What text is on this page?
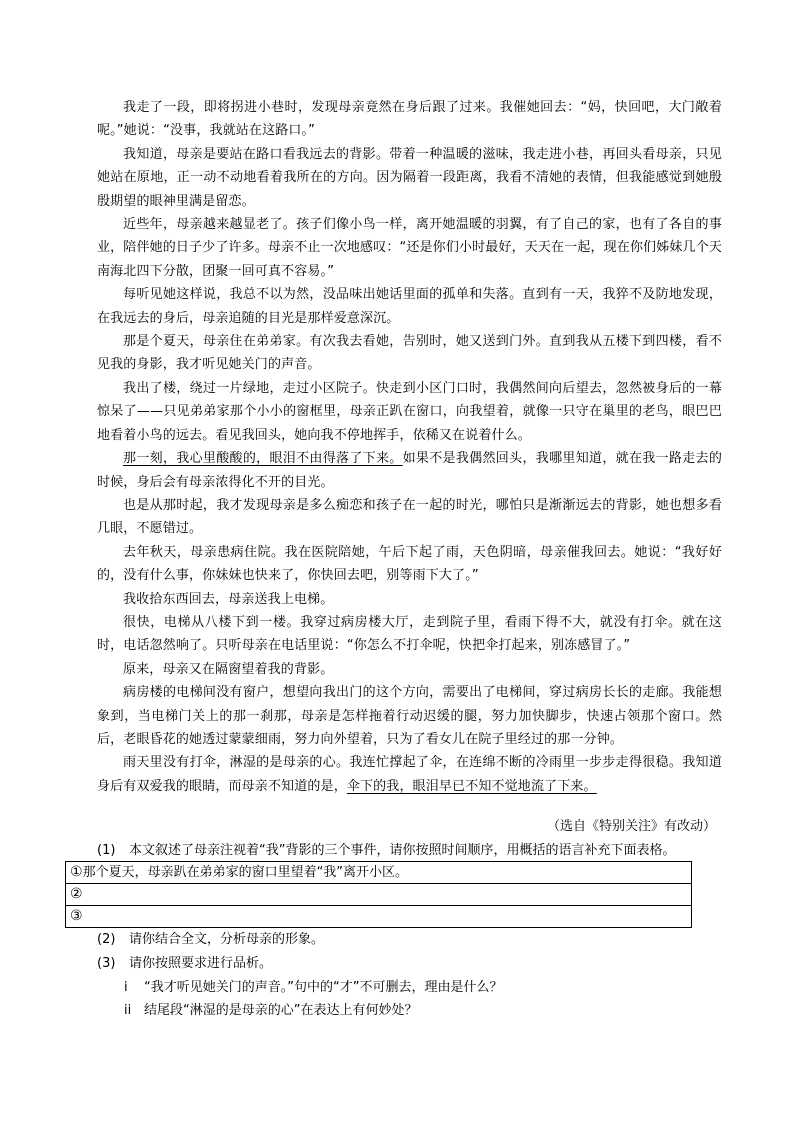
我走了一段，即将拐进小巷时，发现母亲竟然在身后跟了过来。我催她回去：“妈，快回吧，大门敞着呢。”她说：“没事，我就站在这路口。”

我知道，母亲是要站在路口看我远去的背影。带着一种温暖的滋味，我走进小巷，再回头看母亲，只见她站在原地，正一动不动地看着我所在的方向。因为隔着一段距离，我看不清她的表情，但我能感觉到她殷殷期望的眼神里满是留恋。

近些年，母亲越来越显老了。孩子们像小鸟一样，离开她温暖的羽翼，有了自己的家，也有了各自的事业，陪伴她的日子少了许多。母亲不止一次地感叹：“还是你们小时最好，天天在一起，现在你们姊妹几个天南海北四下分散，团聚一回可真不容易。”

每听见她这样说，我总不以为然，没品味出她话里面的孤单和失落。直到有一天，我猝不及防地发现，在我远去的身后，母亲追随的目光是那样爱意深沉。

那是个夏天，母亲住在弟弟家。有次我去看她，告别时，她又送到门外。直到我从五楼下到四楼，看不见我的身影，我才听见她关门的声音。

我出了楼，绕过一片绿地，走过小区院子。快走到小区门口时，我偶然间向后望去，忽然被身后的一幕惊呆了——只见弟弟家那个小小的窗框里，母亲正趴在窗口，向我望着，就像一只守在巢里的老鸟，眼巴巴地看着小鸟的远去。看见我回头，她向我不停地挥手，依稀又在说着什么。

那一刻，我心里酸酸的，眼泪不由得落了下来。如果不是我偶然回头，我哪里知道，就在我一路走去的时候，身后会有母亲浓得化不开的目光。

也是从那时起，我才发现母亲是多么痴恋和孩子在一起的时光，哪怕只是渐渐远去的背影，她也想多看几眼，不愿错过。

去年秋天，母亲患病住院。我在医院陪她，午后下起了雨，天色阴暗，母亲催我回去。她说：“我好好的，没有什么事，你妹妹也快来了，你快回去吧，别等雨下大了。”

我收拾东西回去，母亲送我上电梯。

很快，电梯从八楼下到一楼。我穿过病房楼大厅，走到院子里，看雨下得不大，就没有打伞。就在这时，电话忽然响了。只听母亲在电话里说：“你怎么不打伞呢，快把伞打起来，别冻感冒了。”

原来，母亲又在隔窗望着我的背影。

病房楼的电梯间没有窗户，想望向我出门的这个方向，需要出了电梯间，穿过病房长长的走廊。我能想象到，当电梯门关上的那一刹那，母亲是怎样拖着行动迟缓的腿，努力加快脚步，快速占领那个窗口。然后，老眼昏花的她透过蒙蒙细雨，努力向外望着，只为了看女儿在院子里经过的那一分钟。

雨天里没有打伞，淋湿的是母亲的心。我连忙撑起了伞，在连绵不断的冷雨里一步步走得很稳。我知道身后有双爱我的眼睛，而母亲不知道的是，伞下的我，眼泪早已不知不觉地流了下来。

（选自《特别关注》有改动）
(1) 本文叙述了母亲注视着“我”背影的三个事件，请你按照时间顺序，用概括的语言补充下面表格。
①那个夏天，母亲趴在弟弟家的窗口里望着“我”离开小区。
②
③
(2) 请你结合全文，分析母亲的形象。
(3) 请你按照要求进行品析。
i “我才听见她关门的声音。”句中的“才”不可删去，理由是什么？
ii 结尾段“淋湿的是母亲的心”在表达上有何妙处？
